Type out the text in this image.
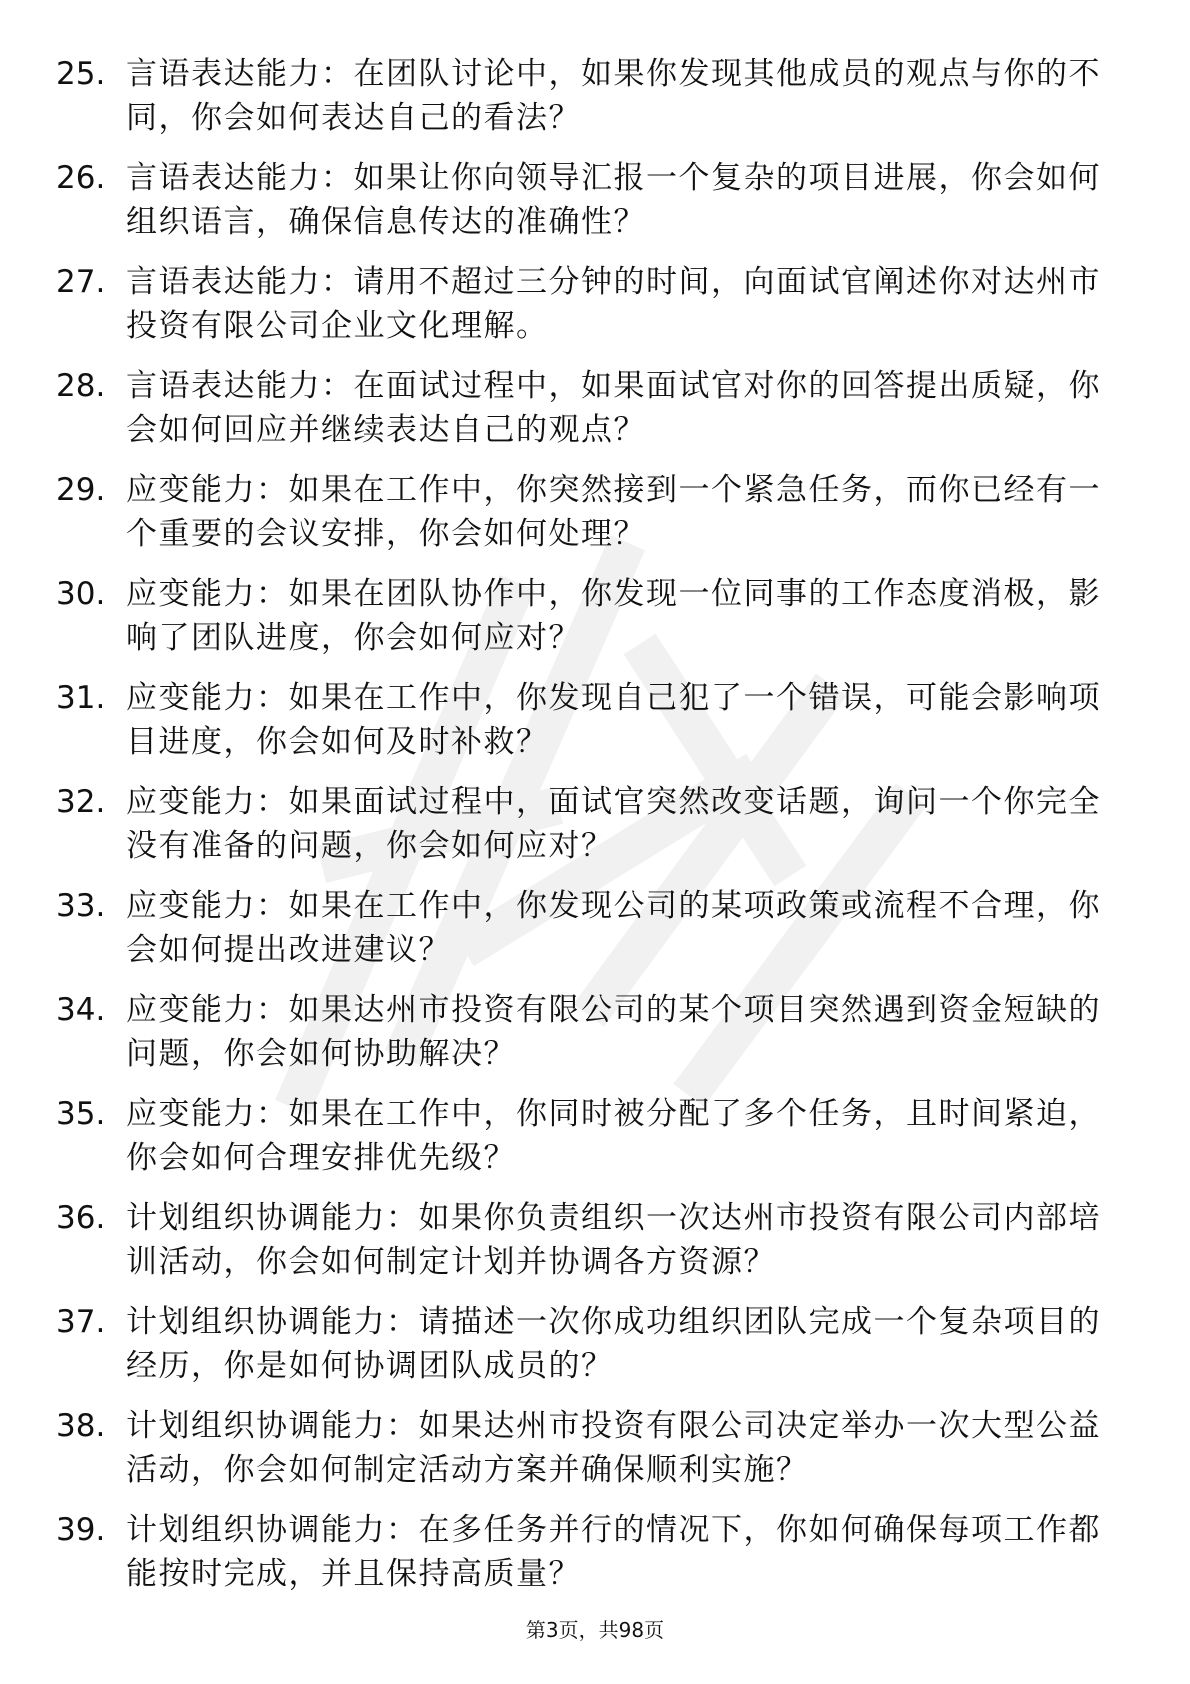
25. 言语表达能力：在团队讨论中，如果你发现其他成员的观点与你的不同，你会如何表达自己的看法？
26. 言语表达能力：如果让你向领导汇报一个复杂的项目进展，你会如何组织语言，确保信息传达的准确性？
27. 言语表达能力：请用不超过三分钟的时间，向面试官阐述你对达州市投资有限公司企业文化理解。
28. 言语表达能力：在面试过程中，如果面试官对你的回答提出质疑，你会如何回应并继续表达自己的观点？
29. 应变能力：如果在工作中，你突然接到一个紧急任务，而你已经有一个重要的会议安排，你会如何处理？
30. 应变能力：如果在团队协作中，你发现一位同事的工作态度消极，影响了团队进度，你会如何应对？
31. 应变能力：如果在工作中，你发现自己犯了一个错误，可能会影响项目进度，你会如何及时补救？
32. 应变能力：如果面试过程中，面试官突然改变话题，询问一个你完全没有准备的问题，你会如何应对？
33. 应变能力：如果在工作中，你发现公司的某项政策或流程不合理，你会如何提出改进建议？
34. 应变能力：如果达州市投资有限公司的某个项目突然遇到资金短缺的问题，你会如何协助解决？
35. 应变能力：如果在工作中，你同时被分配了多个任务，且时间紧迫，你会如何合理安排优先级？
36. 计划组织协调能力：如果你负责组织一次达州市投资有限公司内部培训活动，你会如何制定计划并协调各方资源？
37. 计划组织协调能力：请描述一次你成功组织团队完成一个复杂项目的经历，你是如何协调团队成员的？
38. 计划组织协调能力：如果达州市投资有限公司决定举办一次大型公益活动，你会如何制定活动方案并确保顺利实施？
39. 计划组织协调能力：在多任务并行的情况下，你如何确保每项工作都能按时完成，并且保持高质量？
第3页，共98页
